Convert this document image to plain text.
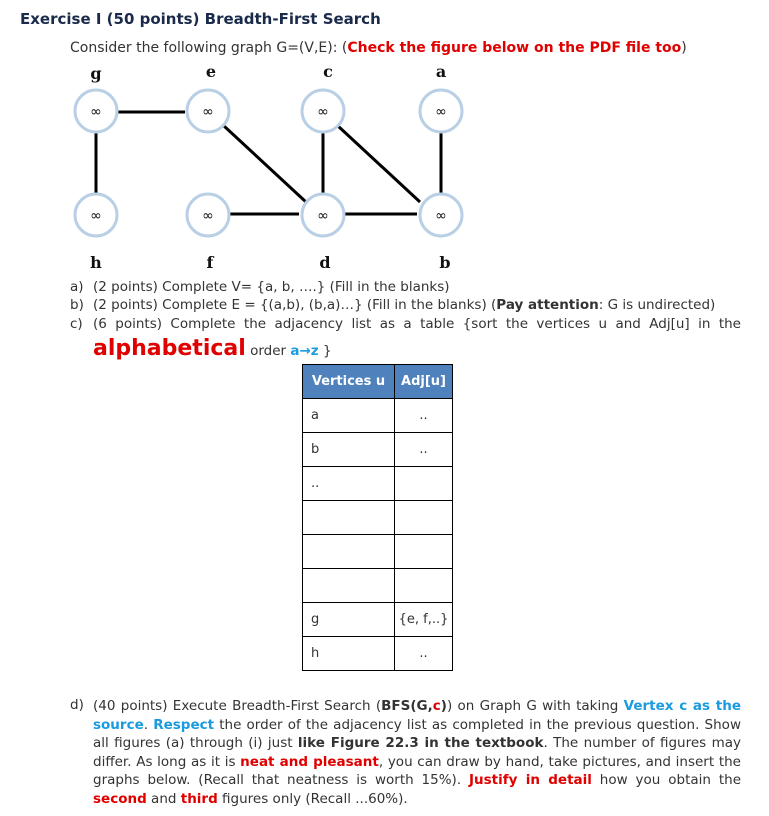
Exercise I (50 points) Breadth-First Search
Consider the following graph G=(V,E): (Check the figure below on the PDF file too)
∞	∞	∞	∞
∞	∞	∞	∞
g	e	c	a
h	f	d	b
a) (2 points) Complete V= {a, b, ….} (Fill in the blanks)
b) (2 points) Complete E = {(a,b), (b,a)…} (Fill in the blanks) (Pay attention: G is undirected)
c) (6 points) Complete the adjacency list as a table {sort the vertices u and Adj[u] in the
alphabetical order a→z }
Vertices u	Adj[u]
a	..
b	..
..	

g	{e, f,..}
h	..
d) (40 points) Execute Breadth-First Search (BFS(G,c)) on Graph G with taking Vertex c as the source. Respect the order of the adjacency list as completed in the previous question. Show all figures (a) through (i) just like Figure 22.3 in the textbook. The number of figures may differ. As long as it is neat and pleasant, you can draw by hand, take pictures, and insert the graphs below. (Recall that neatness is worth 15%). Justify in detail how you obtain the second and third figures only (Recall ...60%).
